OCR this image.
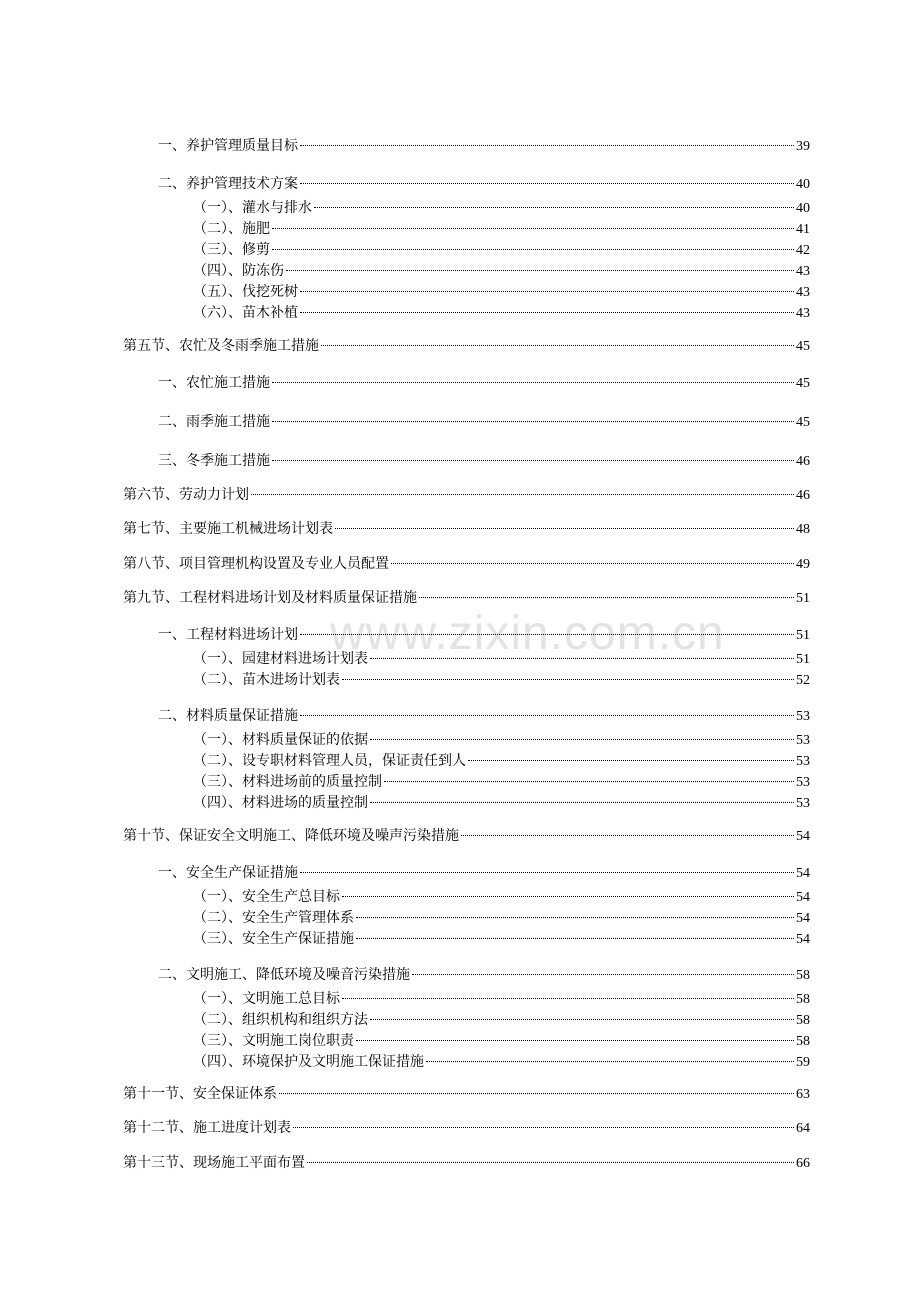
www.zixin.com.cn
一、养护管理质量目标	39
二、养护管理技术方案	40
（一）、灌水与排水	40
（二）、施肥	41
（三）、修剪	42
（四）、防冻伤	43
（五）、伐挖死树	43
（六）、苗木补植	43
第五节、农忙及冬雨季施工措施	45
一、农忙施工措施	45
二、雨季施工措施	45
三、冬季施工措施	46
第六节、劳动力计划	46
第七节、主要施工机械进场计划表	48
第八节、项目管理机构设置及专业人员配置	49
第九节、工程材料进场计划及材料质量保证措施	51
一、工程材料进场计划	51
（一）、园建材料进场计划表	51
（二）、苗木进场计划表	52
二、材料质量保证措施	53
（一）、材料质量保证的依据	53
（二）、设专职材料管理人员，保证责任到人	53
（三）、材料进场前的质量控制	53
（四）、材料进场的质量控制	53
第十节、保证安全文明施工、降低环境及噪声污染措施	54
一、安全生产保证措施	54
（一）、安全生产总目标	54
（二）、安全生产管理体系	54
（三）、安全生产保证措施	54
二、文明施工、降低环境及噪音污染措施	58
（一）、文明施工总目标	58
（二）、组织机构和组织方法	58
（三）、文明施工岗位职责	58
（四）、环境保护及文明施工保证措施	59
第十一节、安全保证体系	63
第十二节、施工进度计划表	64
第十三节、现场施工平面布置	66
